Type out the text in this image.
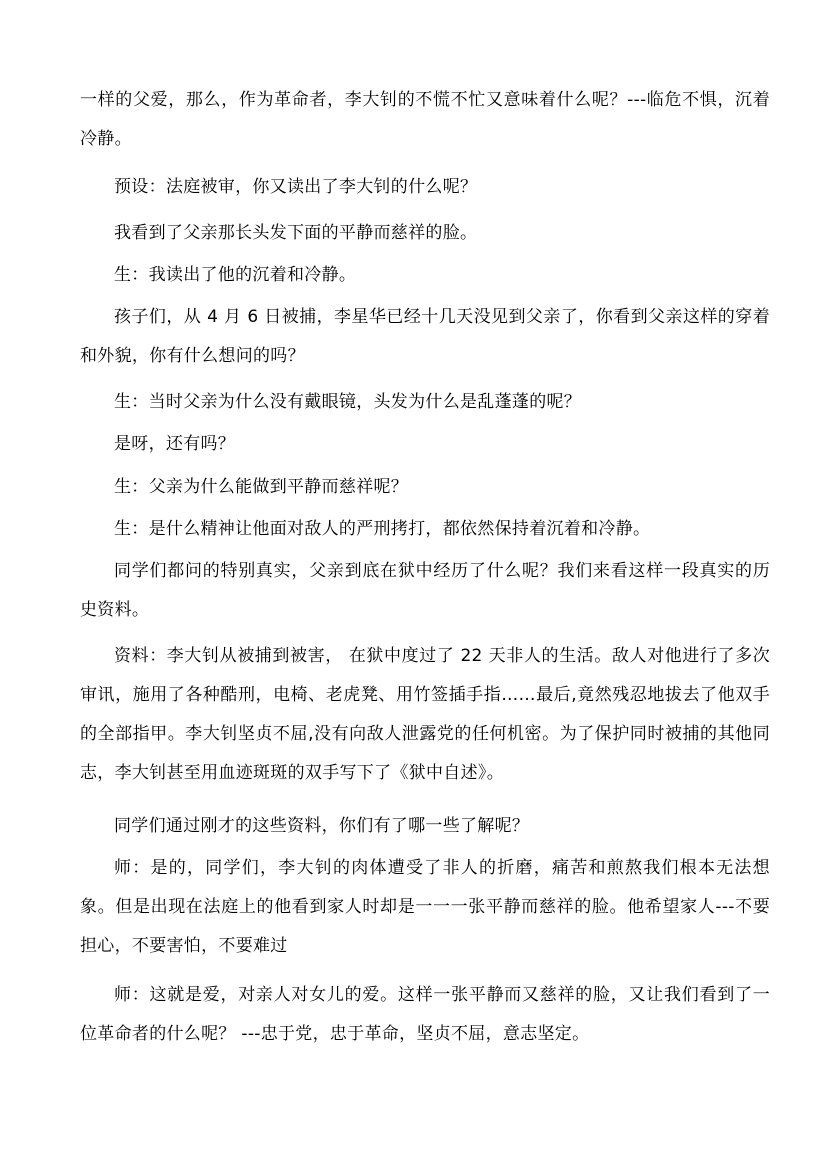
一样的父爱，那么，作为革命者，李大钊的不慌不忙又意味着什么呢？---临危不惧，沉着冷静。

预设：法庭被审，你又读出了李大钊的什么呢？

我看到了父亲那长头发下面的平静而慈祥的脸。

生：我读出了他的沉着和冷静。

孩子们，从 4 月 6 日被捕，李星华已经十几天没见到父亲了，你看到父亲这样的穿着和外貌，你有什么想问的吗？

生：当时父亲为什么没有戴眼镜，头发为什么是乱蓬蓬的呢？

是呀，还有吗？

生：父亲为什么能做到平静而慈祥呢？

生：是什么精神让他面对敌人的严刑拷打，都依然保持着沉着和冷静。

同学们都问的特别真实，父亲到底在狱中经历了什么呢？我们来看这样一段真实的历史资料。

资料：李大钊从被捕到被害， 在狱中度过了 22 天非人的生活。敌人对他进行了多次审讯，施用了各种酷刑，电椅、老虎凳、用竹签插手指……最后,竟然残忍地拔去了他双手的全部指甲。李大钊坚贞不屈,没有向敌人泄露党的任何机密。为了保护同时被捕的其他同志，李大钊甚至用血迹斑斑的双手写下了《狱中自述》。

同学们通过刚才的这些资料，你们有了哪一些了解呢？

师：是的，同学们，李大钊的肉体遭受了非人的折磨，痛苦和煎熬我们根本无法想象。但是出现在法庭上的他看到家人时却是一一一张平静而慈祥的脸。他希望家人---不要担心，不要害怕，不要难过

师：这就是爱，对亲人对女儿的爱。这样一张平静而又慈祥的脸，又让我们看到了一位革命者的什么呢？ ---忠于党，忠于革命，坚贞不屈，意志坚定。
